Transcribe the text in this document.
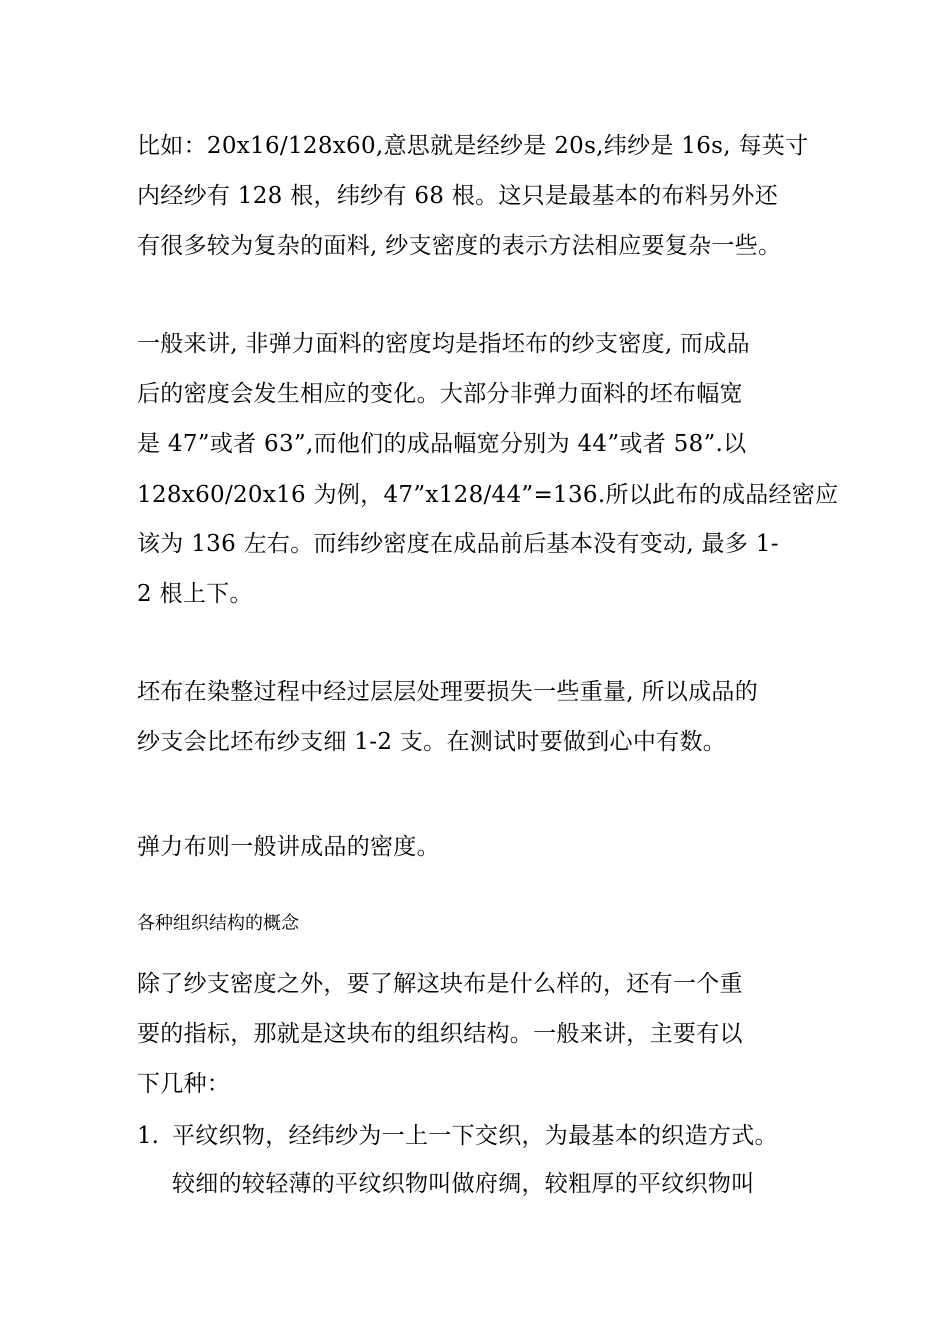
比如：20x16/128x60,意思就是经纱是 20s,纬纱是 16s, 每英寸
内经纱有 128 根，纬纱有 68 根。这只是最基本的布料另外还
有很多较为复杂的面料, 纱支密度的表示方法相应要复杂一些。
一般来讲, 非弹力面料的密度均是指坯布的纱支密度, 而成品
后的密度会发生相应的变化。大部分非弹力面料的坯布幅宽
是 47”或者 63”,而他们的成品幅宽分别为 44”或者 58”.以
128x60/20x16 为例，47”x128/44”=136.所以此布的成品经密应
该为 136 左右。而纬纱密度在成品前后基本没有变动, 最多 1-
2 根上下。
坯布在染整过程中经过层层处理要损失一些重量, 所以成品的
纱支会比坯布纱支细 1-2 支。在测试时要做到心中有数。
弹力布则一般讲成品的密度。
各种组织结构的概念
除了纱支密度之外，要了解这块布是什么样的，还有一个重
要的指标，那就是这块布的组织结构。一般来讲，主要有以
下几种：
1. 平纹织物，经纬纱为一上一下交织，为最基本的织造方式。
较细的较轻薄的平纹织物叫做府绸，较粗厚的平纹织物叫
